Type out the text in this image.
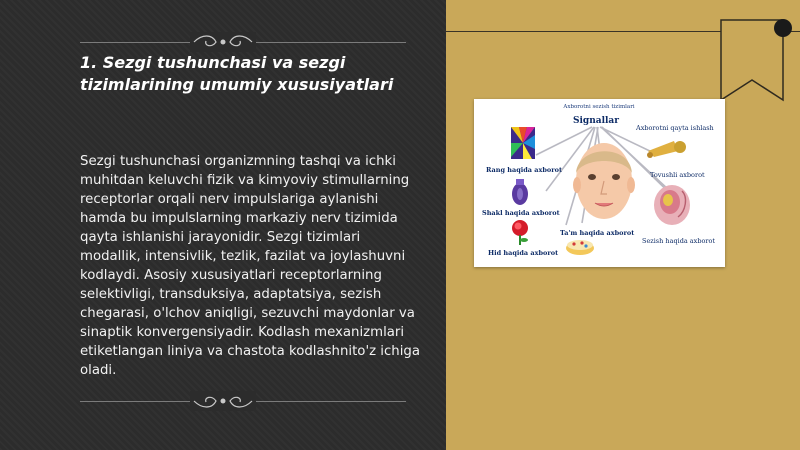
1. Sezgi tushunchasi va sezgi tizimlarining umumiy xususiyatlari

Sezgi tushunchasi organizmning tashqi va ichki muhitdan keluvchi fizik va kimyoviy stimullarning receptorlar orqali nerv impulslariga aylanishi hamda bu impulslarning markaziy nerv tizimida qayta ishlanishi jarayonidir. Sezgi tizimlari modallik, intensivlik, tezlik, fazilat va joylashuvni kodlaydi. Asosiy xususiyatlari receptorlarning selektivligi, transduksiya, adaptatsiya, sezish chegarasi, o'lchov aniqligi, sezuvchi maydonlar va sinaptik konvergensiyadir. Kodlash mexanizmlari etiketlangan liniya va chastota kodlashnito'z ichiga oladi.

Axborotni sezish tizimlari
Signallar
Rang haqida axborot
Shakl haqida axborot
Hid haqida axborot
Ta'm haqida axborot
Axborotni qayta ishlash
Tovushli axborot
Sezish haqida axborot
